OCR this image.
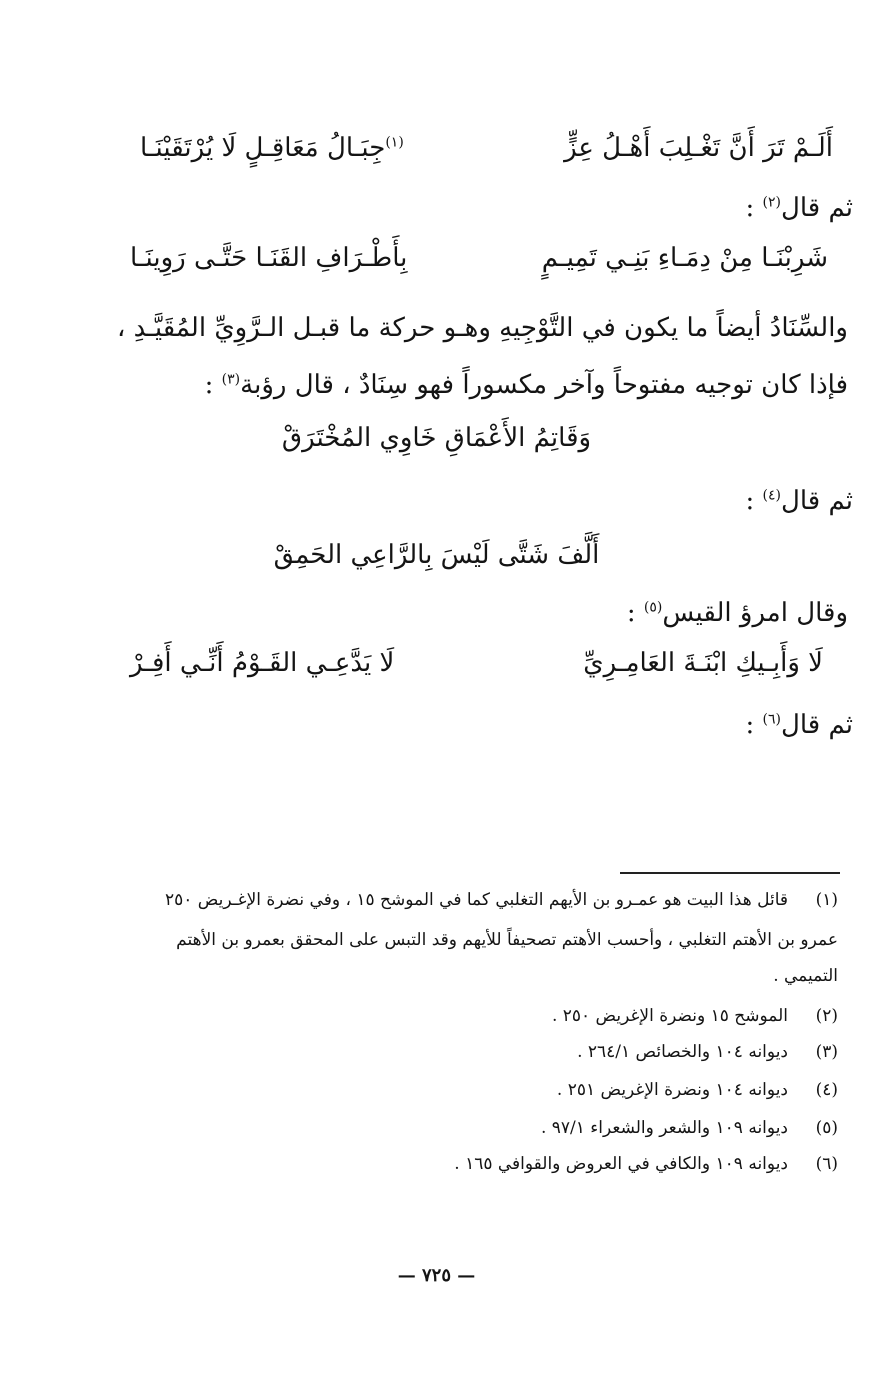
أَلَـمْ تَرَ أَنَّ تَغْـلِبَ أَهْـلُ عِزٍّ
$^{(١)}$جِبَـالُ مَعَاقِـلٍ لَا يُرْتَقَيْنَـا
ثم قال$^{(٢)}$ :
شَرِبْنَـا مِنْ دِمَـاءِ بَنِـي تَمِيـمٍ
بِأَطْـرَافِ القَنَـا حَتَّـى رَوِينَـا
والسِّنَادُ أيضاً ما يكون في التَّوْجِيهِ وهـو حركة ما قبـل الـرَّوِيِّ المُقَيَّـدِ ،
فإذا كان توجيه مفتوحاً وآخر مكسوراً فهو سِنَادٌ ، قال رؤبة$^{(٣)}$ :
وَقَاتِمُ الأَعْمَاقِ خَاوِي المُخْتَرَقْ
ثم قال$^{(٤)}$ :
أَلَّفَ شَتَّى لَيْسَ بِالرَّاعِي الحَمِقْ
وقال امرؤ القيس$^{(٥)}$ :
لَا وَأَبِـيكِ ابْنَـةَ العَامِـرِيِّ
لَا يَدَّعِـي القَـوْمُ أَنِّـي أَفِـرْ
ثم قال$^{(٦)}$ :
(١)قائل هذا البيت هو عمـرو بن الأيهم التغلبي كما في الموشح ١٥ ، وفي نضرة الإغـريض ٢٥٠
عمرو بن الأهتم التغلبي ، وأحسب الأهتم تصحيفاً للأيهم وقد التبس على المحقق بعمرو بن الأهتم
التميمي .
(٢)الموشح ١٥ ونضرة الإغريض ٢٥٠ .
(٣)ديوانه ١٠٤ والخصائص ٢٦٤/١ .
(٤)ديوانه ١٠٤ ونضرة الإغريض ٢٥١ .
(٥)ديوانه ١٠٩ والشعر والشعراء ٩٧/١ .
(٦)ديوانه ١٠٩ والكافي في العروض والقوافي ١٦٥ .
— ٧٢٥ —
